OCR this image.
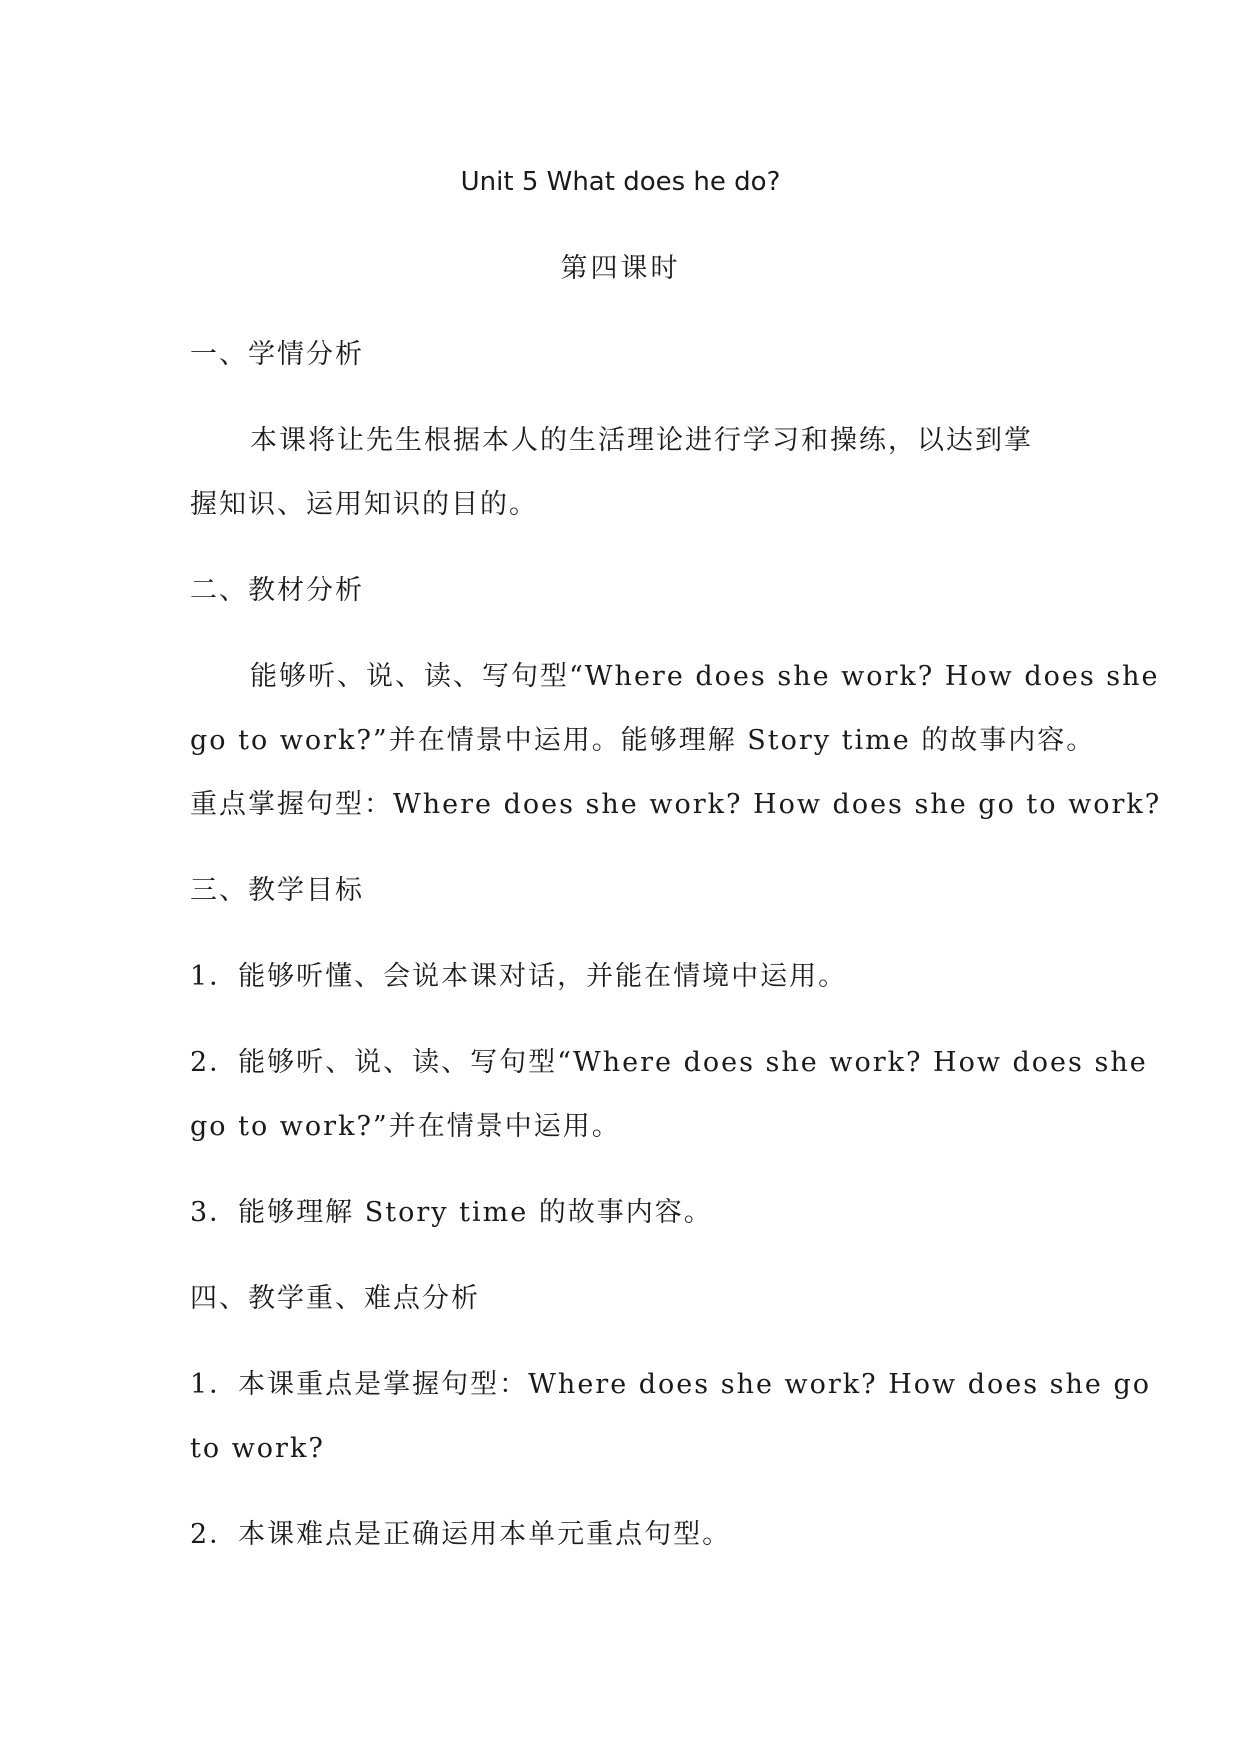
Unit 5 What does he do?
第四课时
一、学情分析
本课将让先生根据本人的生活理论进行学习和操练，以达到掌
握知识、运用知识的目的。
二、教材分析
能够听、说、读、写句型“Where does she work? How does she
go to work?”并在情景中运用。能够理解 Story time 的故事内容。
重点掌握句型：Where does she work? How does she go to work?
三、教学目标
1．能够听懂、会说本课对话，并能在情境中运用。
2．能够听、说、读、写句型“Where does she work? How does she
go to work?”并在情景中运用。
3．能够理解 Story time 的故事内容。
四、教学重、难点分析
1．本课重点是掌握句型：Where does she work? How does she go
to work?
2．本课难点是正确运用本单元重点句型。
